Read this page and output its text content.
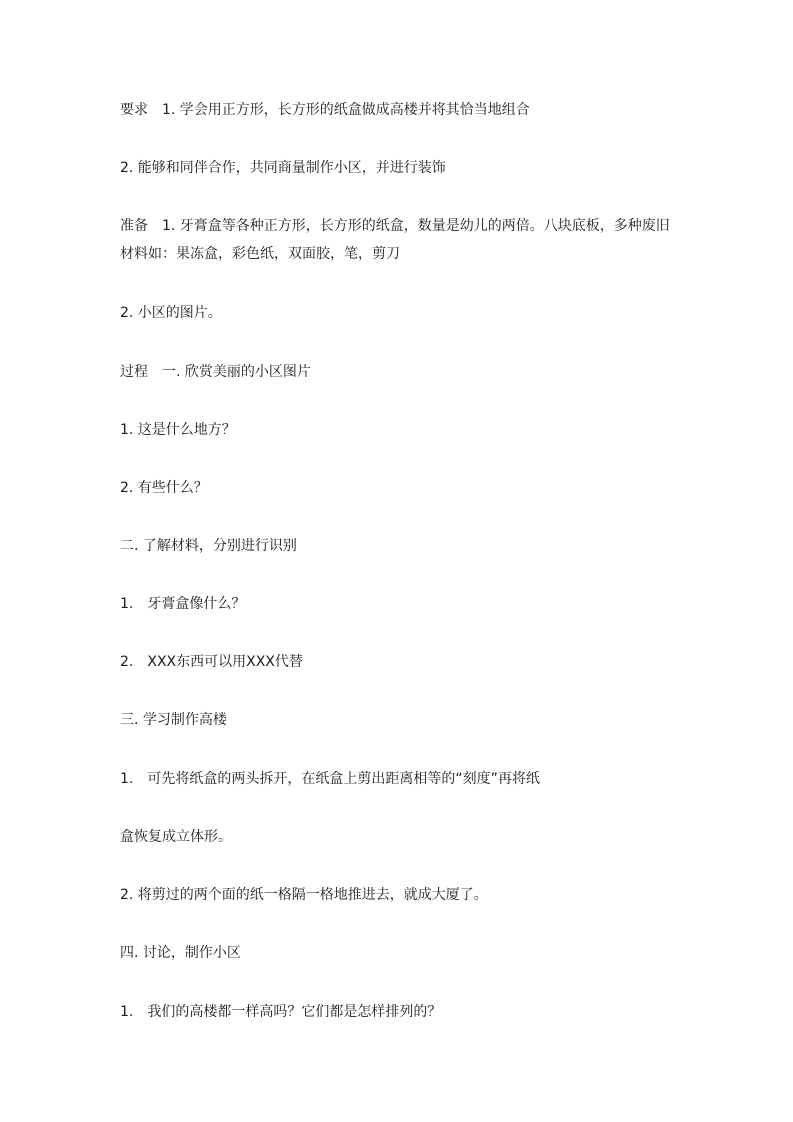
要求　1. 学会用正方形，长方形的纸盒做成高楼并将其恰当地组合
2. 能够和同伴合作，共同商量制作小区，并进行装饰
准备　1. 牙膏盒等各种正方形，长方形的纸盒，数量是幼儿的两倍。八块底板，多种废旧材料如：果冻盒，彩色纸，双面胶，笔，剪刀
2. 小区的图片。
过程　一. 欣赏美丽的小区图片
1. 这是什么地方？
2. 有些什么？
二. 了解材料，分别进行识别
1.　牙膏盒像什么？
2.　XXX东西可以用XXX代替
三. 学习制作高楼
1.　可先将纸盒的两头拆开，在纸盒上剪出距离相等的“刻度”再将纸
盒恢复成立体形。
2. 将剪过的两个面的纸一格隔一格地推进去，就成大厦了。
四. 讨论，制作小区
1.　我们的高楼都一样高吗？它们都是怎样排列的？
